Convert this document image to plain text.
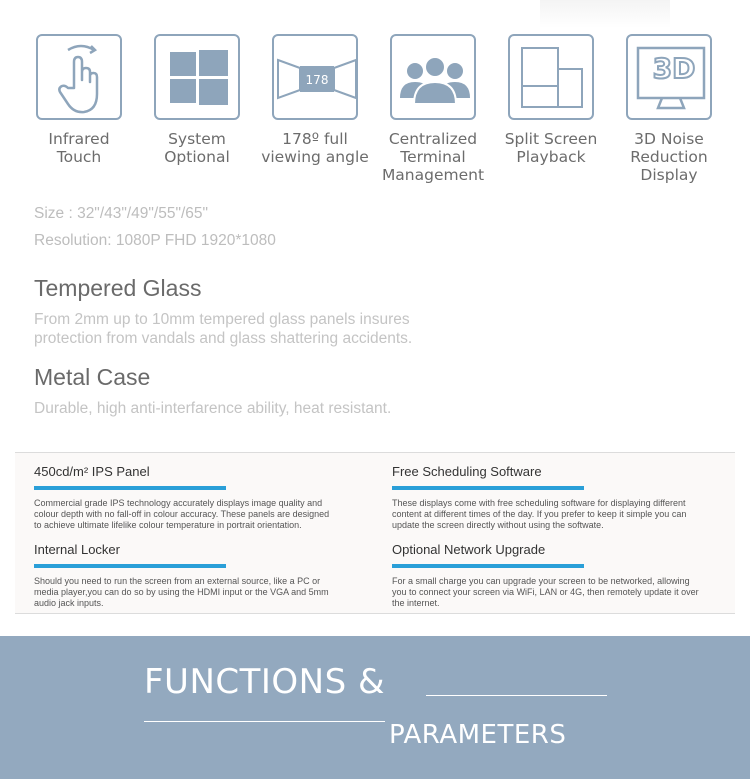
Infrared
Touch
System
Optional
178
178º full
viewing angle
Centralized
Terminal
Management
Split Screen
Playback
3D
3D Noise
Reduction
Display
Size : 32"/43"/49"/55"/65"
Resolution: 1080P FHD 1920*1080
Tempered Glass
From 2mm up to 10mm tempered glass panels insures
protection from vandals and glass shattering accidents.
Metal Case
Durable, high anti-interfarence ability, heat resistant.
450cd/m² IPS Panel
Commercial grade IPS technology accurately displays image quality and
colour depth with no fall-off in colour accuracy. These panels are designed
to achieve ultimate lifelike colour temperature in portrait orientation.
Free Scheduling Software
These displays come with free scheduling software for displaying different
content at different times of the day. If you prefer to keep it simple you can
update the screen directly without using the softwate.
Internal Locker
Should you need to run the screen from an external source, like a PC or
media player,you can do so by using the HDMI input or the VGA and 5mm
audio jack inputs.
Optional Network Upgrade
For a small charge you can upgrade your screen to be networked, allowing
you to connect your screen via WiFi, LAN or 4G, then remotely update it over
the internet.
FUNCTIONS &
PARAMETERS
